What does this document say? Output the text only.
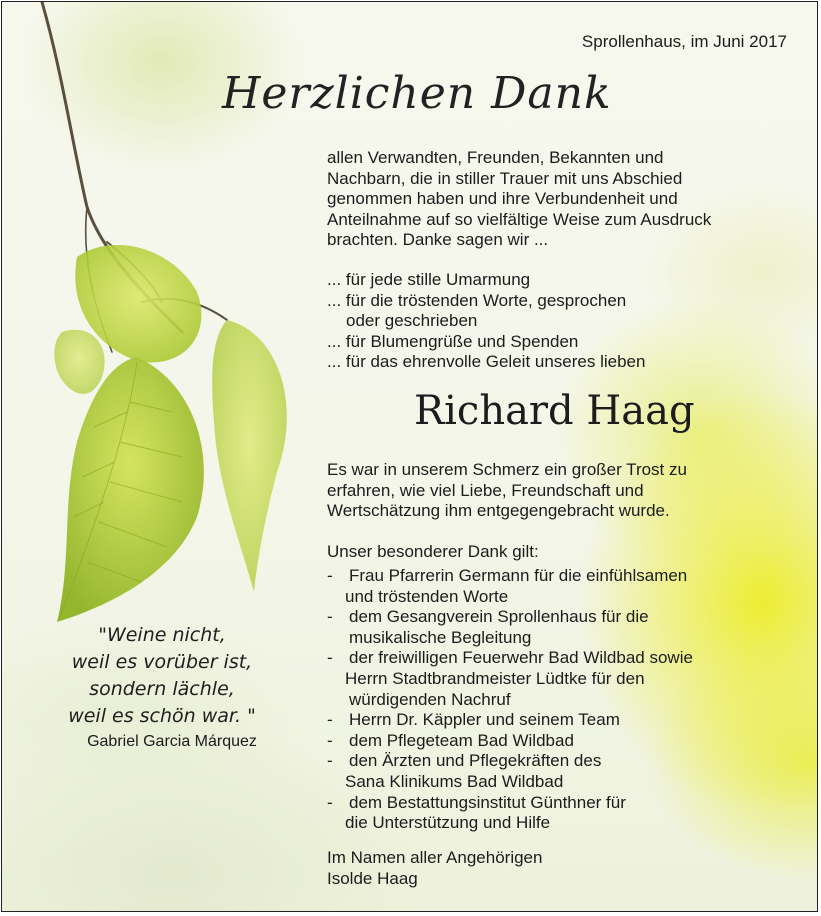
Sprollenhaus, im Juni 2017
Herzlichen Dank

allen Verwandten, Freunden, Bekannten und

Nachbarn, die in stiller Trauer mit uns Abschied

genommen haben und ihre Verbundenheit und

Anteilnahme auf so vielfältige Weise zum Ausdruck

brachten. Danke sagen wir ...

... für jede stille Umarmung

... für die tröstenden Worte, gesprochen

oder geschrieben

... für Blumengrüße und Spenden

... für das ehrenvolle Geleit unseres lieben

Richard Haag

Es war in unserem Schmerz ein großer Trost zu

erfahren, wie viel Liebe, Freundschaft und

Wertschätzung ihm entgegengebracht wurde.

Unser besonderer Dank gilt:
- Frau Pfarrerin Germann für die einfühlsamen
und tröstenden Worte
- dem Gesangverein Sprollenhaus für die
musikalische Begleitung
- der freiwilligen Feuerwehr Bad Wildbad sowie
Herrn Stadtbrandmeister Lüdtke für den
würdigenden Nachruf
- Herrn Dr. Käppler und seinem Team
- dem Pflegeteam Bad Wildbad
- den Ärzten und Pflegekräften des
Sana Klinikums Bad Wildbad
- dem Bestattungsinstitut Günthner für
die Unterstützung und Hilfe

Im Namen aller Angehörigen

Isolde Haag

"Weine nicht,

weil es vorüber ist,

sondern lächle,

weil es schön war. "

Gabriel Garcia Márquez
